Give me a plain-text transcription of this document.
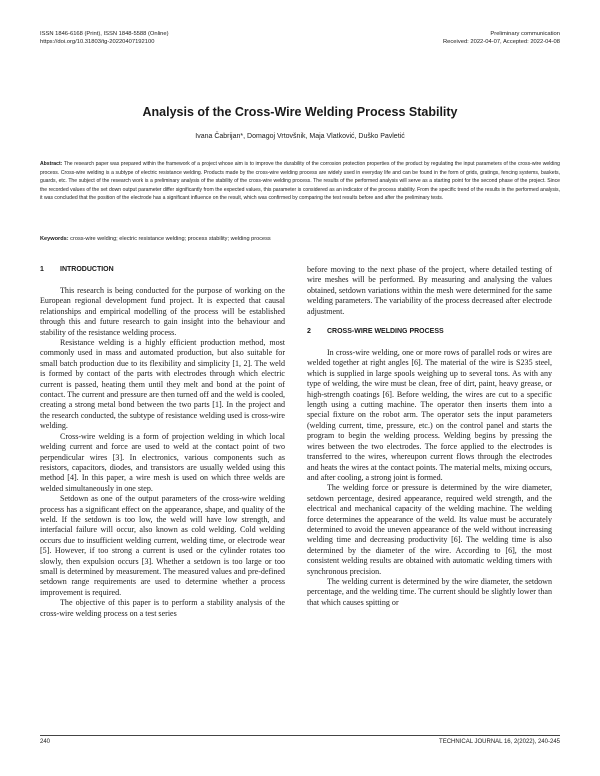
ISSN 1846-6168 (Print), ISSN 1848-5588 (Online)
https://doi.org/10.31803/tg-20220407192100
Preliminary communication
Received: 2022-04-07, Accepted: 2022-04-08
Analysis of the Cross-Wire Welding Process Stability
Ivana Čabrijan*, Domagoj Vrtovšnik, Maja Vlatković, Duško Pavletić

Abstract: The research paper was prepared within the framework of a project whose aim is to improve the durability of the corrosion protection properties of the product by regulating the input parameters of the cross-wire welding process. Cross-wire welding is a subtype of electric resistance welding. Products made by the cross-wire welding process are widely used in everyday life and can be found in the form of grids, gratings, fencing systems, baskets, guards, etc. The subject of the research work is a preliminary analysis of the stability of the cross-wire welding process. The results of the performed analysis will serve as a starting point for the second phase of the project. Since the recorded values of the set down output parameter differ significantly from the expected values, this parameter is considered as an indicator of the process stability. From the specific trend of the results in the performed analysis, it was concluded that the position of the electrode has a significant influence on the result, which was confirmed by comparing the test results before and after the preliminary tests.

Keywords: cross-wire welding; electric resistance welding; process stability; welding process

1 INTRODUCTION

This research is being conducted for the purpose of working on the European regional development fund project. It is expected that causal relationships and empirical modelling of the process will be established through this and future research to gain insight into the behaviour and stability of the resistance welding process.

Resistance welding is a highly efficient production method, most commonly used in mass and automated production, but also suitable for small batch production due to its flexibility and simplicity [1, 2]. The weld is formed by contact of the parts with electrodes through which electric current is passed, heating them until they melt and bond at the point of contact. The current and pressure are then turned off and the weld is cooled, creating a strong metal bond between the two parts [1]. In the project and the research conducted, the subtype of resistance welding used is cross-wire welding.

Cross-wire welding is a form of projection welding in which local welding current and force are used to weld at the contact point of two perpendicular wires [3]. In electronics, various components such as resistors, capacitors, diodes, and transistors are usually welded using this method [4]. In this paper, a wire mesh is used on which three welds are welded simultaneously in one step.

Setdown as one of the output parameters of the cross-wire welding process has a significant effect on the appearance, shape, and quality of the weld. If the setdown is too low, the weld will have low strength, and interfacial failure will occur, also known as cold welding. Cold welding occurs due to insufficient welding current, welding time, or electrode wear [5]. However, if too strong a current is used or the cylinder rotates too slowly, then expulsion occurs [3]. Whether a setdown is too large or too small is determined by measurement. The measured values and pre-defined setdown range requirements are used to determine whether a process improvement is required.

The objective of this paper is to perform a stability analysis of the cross-wire welding process on a test series

before moving to the next phase of the project, where detailed testing of wire meshes will be performed. By measuring and analysing the values obtained, setdown variations within the mesh were determined for the same welding parameters. The variability of the process decreased after electrode adjustment.

2 CROSS-WIRE WELDING PROCESS

In cross-wire welding, one or more rows of parallel rods or wires are welded together at right angles [6]. The material of the wire is S235 steel, which is supplied in large spools weighing up to several tons. As with any type of welding, the wire must be clean, free of dirt, paint, heavy grease, or high-strength coatings [6]. Before welding, the wires are cut to a specific length using a cutting machine. The operator then inserts them into a special fixture on the robot arm. The operator sets the input parameters (welding current, time, pressure, etc.) on the control panel and starts the program to begin the welding process. Welding begins by pressing the wires between the two electrodes. The force applied to the electrodes is transferred to the wires, whereupon current flows through the electrodes and heats the wires at the contact points. The material melts, mixing occurs, and after cooling, a strong joint is formed.

The welding force or pressure is determined by the wire diameter, setdown percentage, desired appearance, required weld strength, and the electrical and mechanical capacity of the welding machine. The welding force determines the appearance of the weld. Its value must be accurately determined to avoid the uneven appearance of the weld without increasing welding time and decreasing productivity [6]. The welding time is also determined by the diameter of the wire. According to [6], the most consistent welding results are obtained with automatic welding timers with synchronous precision.

The welding current is determined by the wire diameter, the setdown percentage, and the welding time. The current should be slightly lower than that which causes spitting or

240	TECHNICAL JOURNAL 16, 2(2022), 240-245
